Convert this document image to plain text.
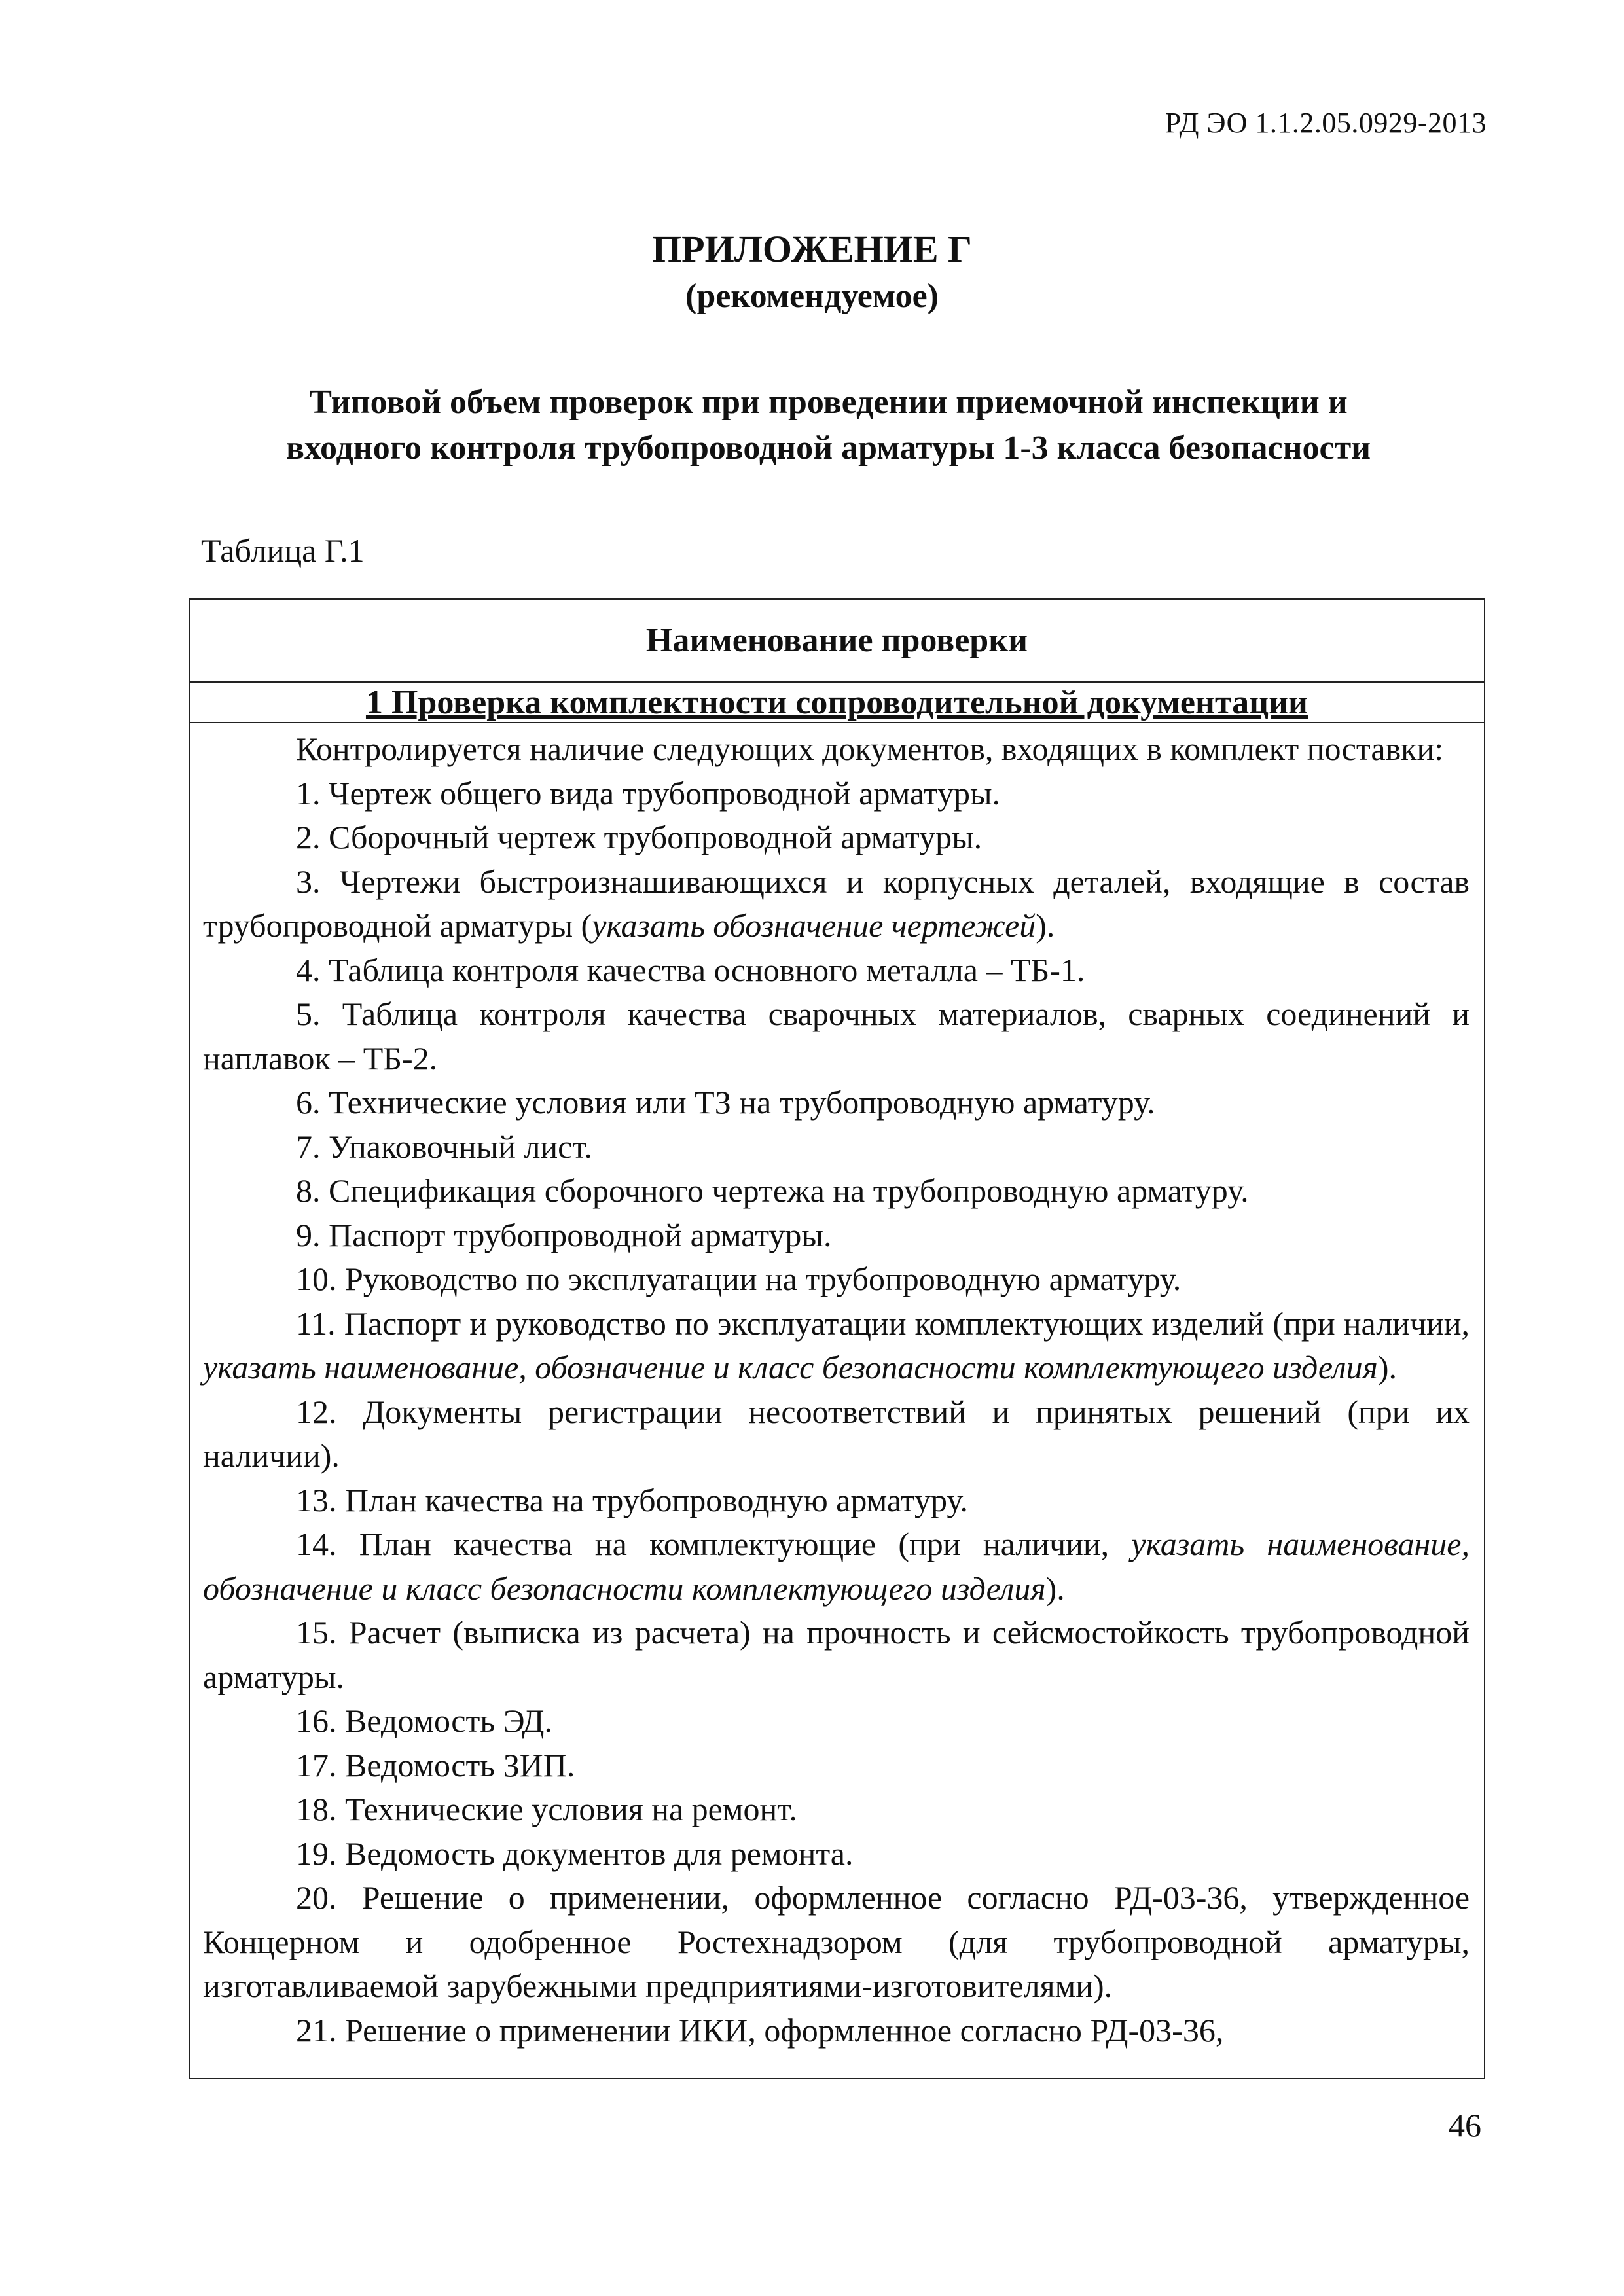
РД ЭО 1.1.2.05.0929-2013
ПРИЛОЖЕНИЕ Г
(рекомендуемое)
Типовой объем проверок при проведении приемочной инспекции и
входного контроля трубопроводной арматуры 1-3 класса безопасности
Таблица Г.1
Наименование проверки
1 Проверка комплектности сопроводительной документации

Контролируется наличие следующих документов, входящих в комплект поставки:

1. Чертеж общего вида трубопроводной арматуры.

2. Сборочный чертеж трубопроводной арматуры.

3. Чертежи быстроизнашивающихся и корпусных деталей, входящие в состав трубопроводной арматуры (указать обозначение чертежей).

4. Таблица контроля качества основного металла – ТБ-1.

5. Таблица контроля качества сварочных материалов, сварных соединений и наплавок – ТБ-2.

6. Технические условия или ТЗ на трубопроводную арматуру.

7. Упаковочный лист.

8. Спецификация сборочного чертежа на трубопроводную арматуру.

9. Паспорт трубопроводной арматуры.

10. Руководство по эксплуатации на трубопроводную арматуру.

11. Паспорт и руководство по эксплуатации комплектующих изделий (при наличии, указать наименование, обозначение и класс безопасности комплектующего изделия).

12. Документы регистрации несоответствий и принятых решений (при их наличии).

13. План качества на трубопроводную арматуру.

14. План качества на комплектующие (при наличии, указать наименование, обозначение и класс безопасности комплектующего изделия).

15. Расчет (выписка из расчета) на прочность и сейсмостойкость трубопроводной арматуры.

16. Ведомость ЭД.

17. Ведомость ЗИП.

18. Технические условия на ремонт.

19. Ведомость документов для ремонта.

20. Решение о применении, оформленное согласно РД-03-36, утвержденное Концерном и одобренное Ростехнадзором (для трубопроводной арматуры, изготавливаемой зарубежными предприятиями-изготовителями).

21. Решение о применении ИКИ, оформленное согласно РД-03-36,

46
